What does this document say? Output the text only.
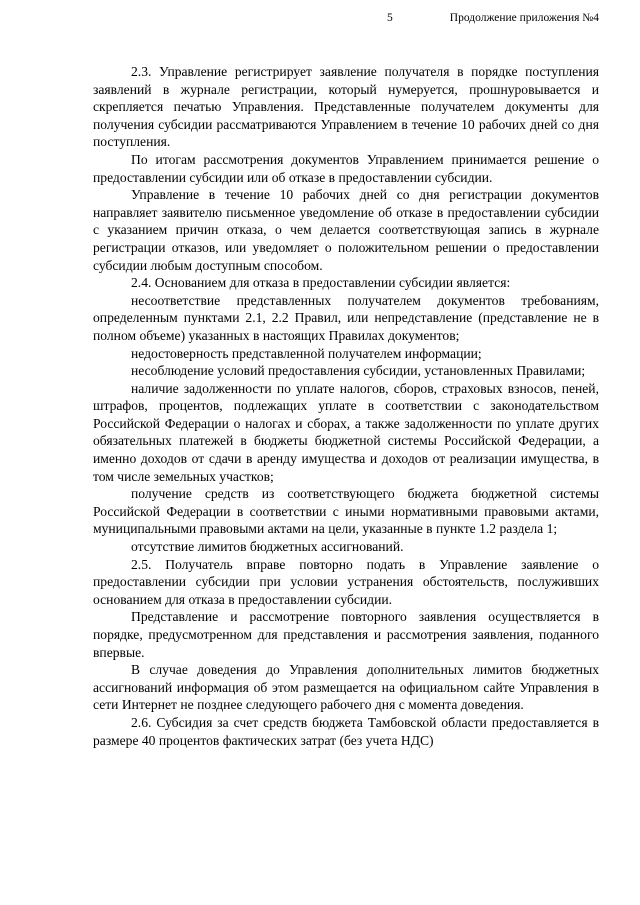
5	Продолжение приложения №4

2.3. Управление регистрирует заявление получателя в порядке поступления заявлений в журнале регистрации, который нумеруется, прошнуровывается и скрепляется печатью Управления. Представленные получателем документы для получения субсидии рассматриваются Управлением в течение 10 рабочих дней со дня поступления.

По итогам рассмотрения документов Управлением принимается решение о предоставлении субсидии или об отказе в предоставлении субсидии.

Управление в течение 10 рабочих дней со дня регистрации документов направляет заявителю письменное уведомление об отказе в предоставлении субсидии с указанием причин отказа, о чем делается соответствующая запись в журнале регистрации отказов, или уведомляет о положительном решении о предоставлении субсидии любым доступным способом.

2.4. Основанием для отказа в предоставлении субсидии является:

несоответствие представленных получателем документов требованиям, определенным пунктами 2.1, 2.2 Правил, или непредставление (представление не в полном объеме) указанных в настоящих Правилах документов;

недостоверность представленной получателем информации;

несоблюдение условий предоставления субсидии, установленных Правилами;

наличие задолженности по уплате налогов, сборов, страховых взносов, пеней, штрафов, процентов, подлежащих уплате в соответствии с законодательством Российской Федерации о налогах и сборах, а также задолженности по уплате других обязательных платежей в бюджеты бюджетной системы Российской Федерации, а именно доходов от сдачи в аренду имущества и доходов от реализации имущества, в том числе земельных участков;

получение средств из соответствующего бюджета бюджетной системы Российской Федерации в соответствии с иными нормативными правовыми актами, муниципальными правовыми актами на цели, указанные в пункте 1.2 раздела 1;

отсутствие лимитов бюджетных ассигнований.

2.5. Получатель вправе повторно подать в Управление заявление о предоставлении субсидии при условии устранения обстоятельств, послуживших основанием для отказа в предоставлении субсидии.

Представление и рассмотрение повторного заявления осуществляется в порядке, предусмотренном для представления и рассмотрения заявления, поданного впервые.

В случае доведения до Управления дополнительных лимитов бюджетных ассигнований информация об этом размещается на официальном сайте Управления в сети Интернет не позднее следующего рабочего дня с момента доведения.

2.6. Субсидия за счет средств бюджета Тамбовской области предоставляется в размере 40 процентов фактических затрат (без учета НДС)
